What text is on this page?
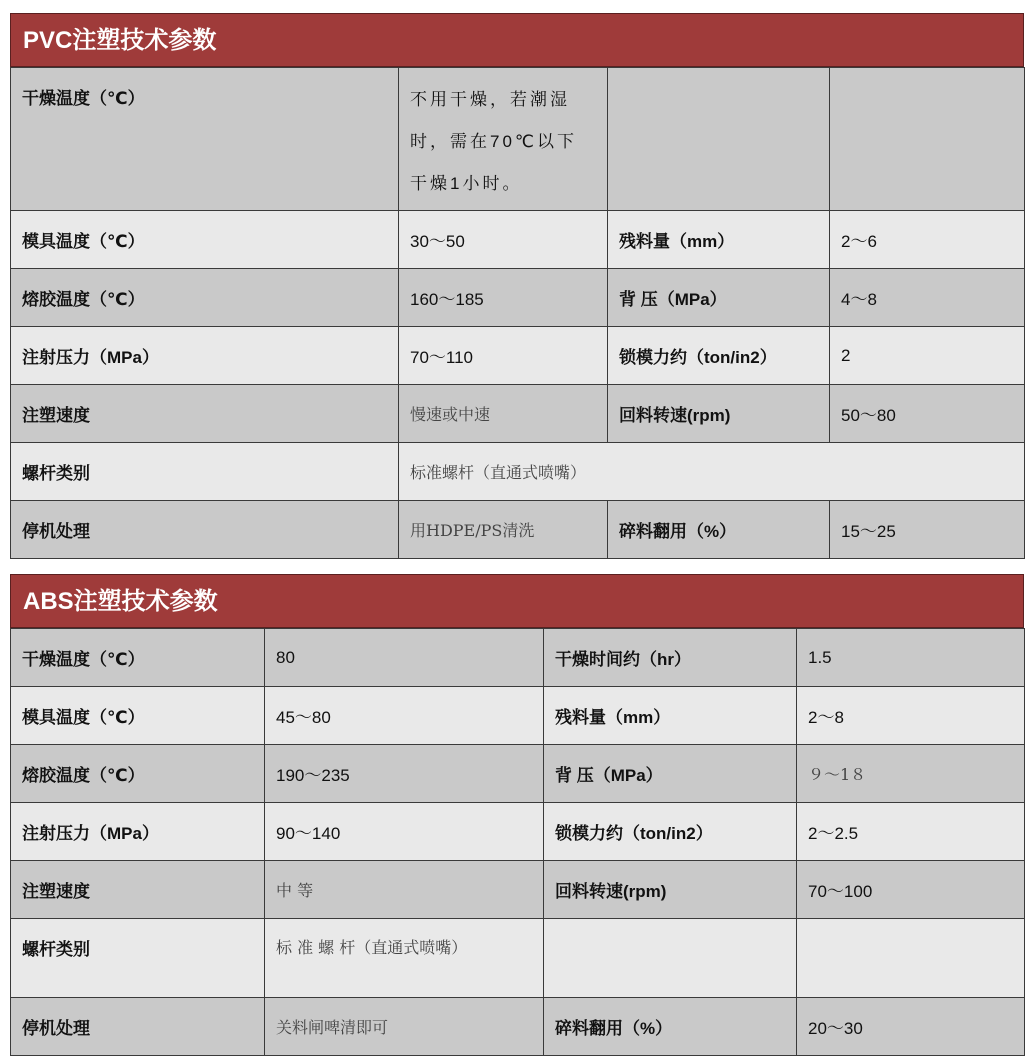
PVC注塑技术参数
干燥温度（℃）	不用干燥，若潮湿时，需在70℃以下干燥1小时。		
模具温度（℃）	30～50	残料量（mm）	2～6
熔胶温度（℃）	160～185	背 压（MPa）	4～8
注射压力（MPa）	70～110	锁模力约（ton/in2）	2
注塑速度	慢速或中速	回料转速(rpm)	50～80
螺杆类别	标准螺杆（直通式喷嘴）		
停机处理	用HDPE/PS清洗	碎料翻用（%）	15～25
ABS注塑技术参数
干燥温度（℃）	80	干燥时间约（hr）	1.5
模具温度（℃）	45～80	残料量（mm）	2～8
熔胶温度（℃）	190～235	背 压（MPa）	９～1８
注射压力（MPa）	90～140	锁模力约（ton/in2）	2～2.5
注塑速度	中 等	回料转速(rpm)	70～100
螺杆类别	标 准 螺 杆（直通式喷嘴）		
停机处理	关料闸啤清即可	碎料翻用（%）	20～30
